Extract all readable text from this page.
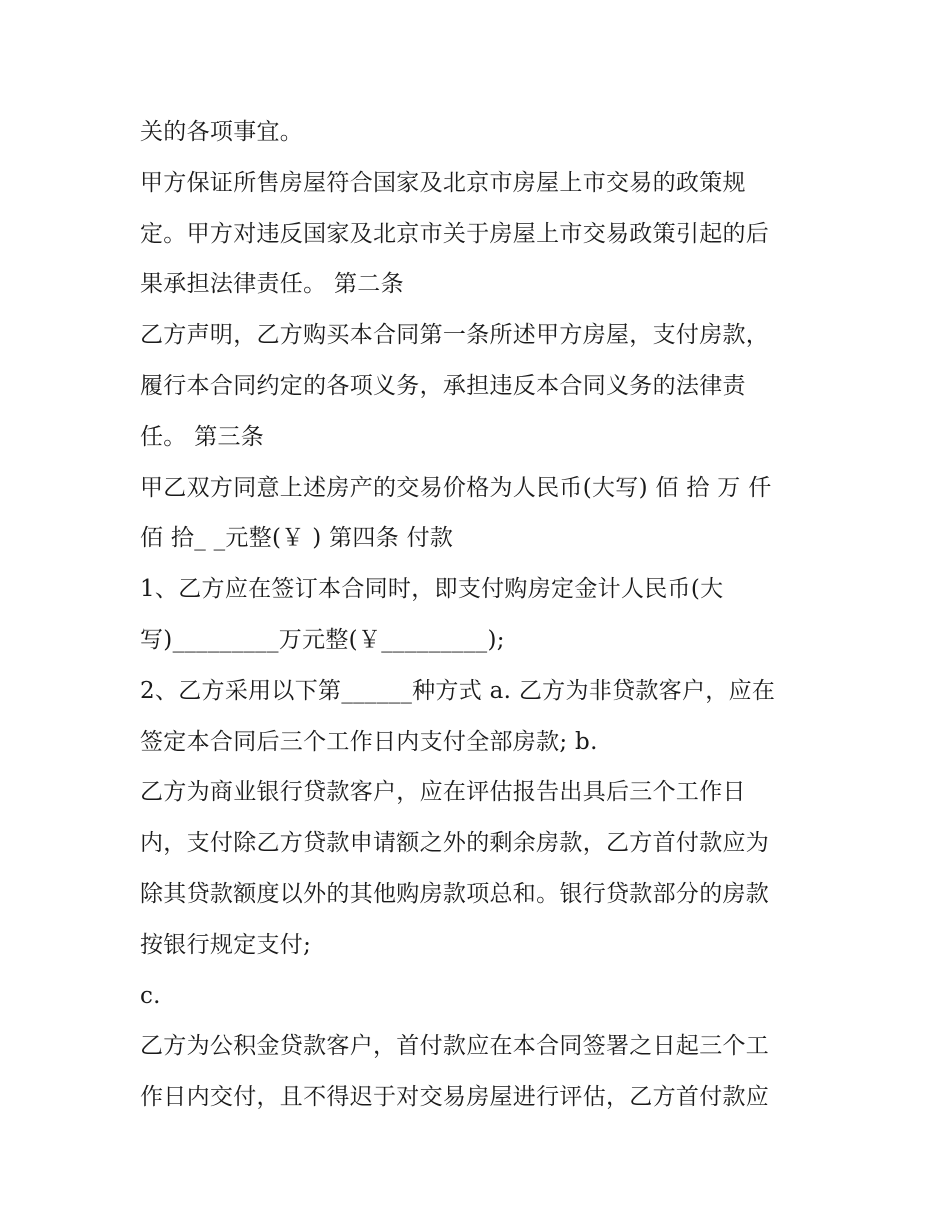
关的各项事宜。
甲方保证所售房屋符合国家及北京市房屋上市交易的政策规
定。甲方对违反国家及北京市关于房屋上市交易政策引起的后
果承担法律责任。 第二条
乙方声明，乙方购买本合同第一条所述甲方房屋，支付房款，
履行本合同约定的各项义务，承担违反本合同义务的法律责
任。 第三条
甲乙双方同意上述房产的交易价格为人民币(大写) 佰 拾 万 仟
佰 拾_ _元整(￥ ) 第四条 付款
1、乙方应在签订本合同时，即支付购房定金计人民币(大
写)_________万元整(￥_________);
2、乙方采用以下第______种方式 a. 乙方为非贷款客户，应在
签定本合同后三个工作日内支付全部房款; b.
乙方为商业银行贷款客户，应在评估报告出具后三个工作日
内，支付除乙方贷款申请额之外的剩余房款，乙方首付款应为
除其贷款额度以外的其他购房款项总和。银行贷款部分的房款
按银行规定支付;
c.
乙方为公积金贷款客户，首付款应在本合同签署之日起三个工
作日内交付，且不得迟于对交易房屋进行评估，乙方首付款应
